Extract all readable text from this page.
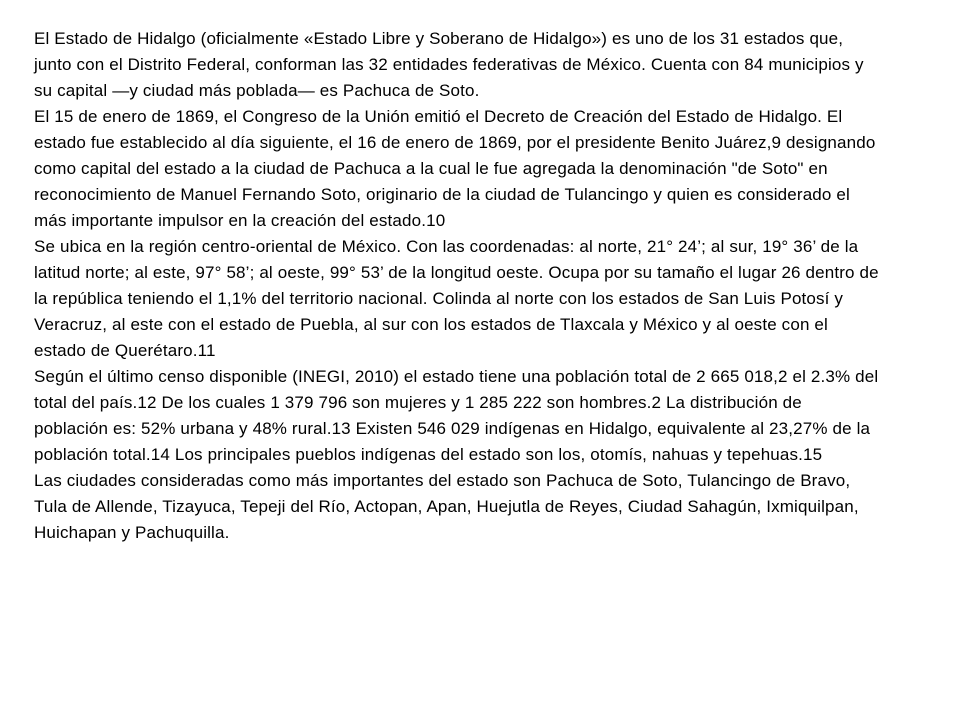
El Estado de Hidalgo (oficialmente «Estado Libre y Soberano de Hidalgo») es uno de los 31 estados que, junto con el Distrito Federal, conforman las 32 entidades federativas de México. Cuenta con 84 municipios y su capital —y ciudad más poblada— es Pachuca de Soto.

El 15 de enero de 1869, el Congreso de la Unión emitió el Decreto de Creación del Estado de Hidalgo. El estado fue establecido al día siguiente, el 16 de enero de 1869, por el presidente Benito Juárez,9 designando como capital del estado a la ciudad de Pachuca a la cual le fue agregada la denominación "de Soto" en reconocimiento de Manuel Fernando Soto, originario de la ciudad de Tulancingo y quien es considerado el más importante impulsor en la creación del estado.10

Se ubica en la región centro-oriental de México. Con las coordenadas: al norte, 21° 24’; al sur, 19° 36’ de la latitud norte; al este, 97° 58’; al oeste, 99° 53’ de la longitud oeste. Ocupa por su tamaño el lugar 26 dentro de la república teniendo el 1,1% del territorio nacional. Colinda al norte con los estados de San Luis Potosí y Veracruz, al este con el estado de Puebla, al sur con los estados de Tlaxcala y México y al oeste con el estado de Querétaro.11

Según el último censo disponible (INEGI, 2010) el estado tiene una población total de 2 665 018,2 el 2.3% del total del país.12 De los cuales 1 379 796 son mujeres y 1 285 222 son hombres.2 La distribución de población es: 52% urbana y 48% rural.13 Existen 546 029 indígenas en Hidalgo, equivalente al 23,27% de la población total.14 Los principales pueblos indígenas del estado son los, otomís, nahuas y tepehuas.15

Las ciudades consideradas como más importantes del estado son Pachuca de Soto, Tulancingo de Bravo, Tula de Allende, Tizayuca, Tepeji del Río, Actopan, Apan, Huejutla de Reyes, Ciudad Sahagún, Ixmiquilpan, Huichapan y Pachuquilla.
